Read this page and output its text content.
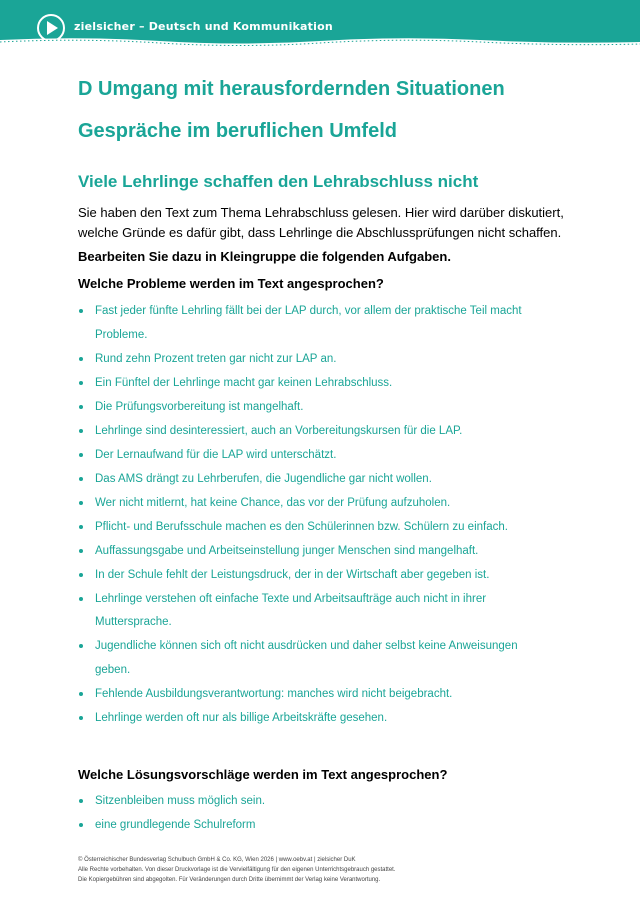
zielsicher – Deutsch und Kommunikation
D Umgang mit herausfordernden Situationen
Gespräche im beruflichen Umfeld
Viele Lehrlinge schaffen den Lehrabschluss nicht

Sie haben den Text zum Thema Lehrabschluss gelesen. Hier wird darüber diskutiert, welche Gründe es dafür gibt, dass Lehrlinge die Abschlussprüfungen nicht schaffen.

Bearbeiten Sie dazu in Kleingruppe die folgenden Aufgaben.

Welche Probleme werden im Text angesprochen?

Fast jeder fünfte Lehrling fällt bei der LAP durch, vor allem der praktische Teil macht Probleme.
Rund zehn Prozent treten gar nicht zur LAP an.
Ein Fünftel der Lehrlinge macht gar keinen Lehrabschluss.
Die Prüfungsvorbereitung ist mangelhaft.
Lehrlinge sind desinteressiert, auch an Vorbereitungskursen für die LAP.
Der Lernaufwand für die LAP wird unterschätzt.
Das AMS drängt zu Lehrberufen, die Jugendliche gar nicht wollen.
Wer nicht mitlernt, hat keine Chance, das vor der Prüfung aufzuholen.
Pflicht- und Berufsschule machen es den Schülerinnen bzw. Schülern zu einfach.
Auffassungsgabe und Arbeitseinstellung junger Menschen sind mangelhaft.
In der Schule fehlt der Leistungsdruck, der in der Wirtschaft aber gegeben ist.
Lehrlinge verstehen oft einfache Texte und Arbeitsaufträge auch nicht in ihrer Muttersprache.
Jugendliche können sich oft nicht ausdrücken und daher selbst keine Anweisungen geben.
Fehlende Ausbildungsverantwortung: manches wird nicht beigebracht.
Lehrlinge werden oft nur als billige Arbeitskräfte gesehen.

Welche Lösungsvorschläge werden im Text angesprochen?

Sitzenbleiben muss möglich sein.
eine grundlegende Schulreform
© Österreichischer Bundesverlag Schulbuch GmbH & Co. KG, Wien 2026 | www.oebv.at | zielsicher DuK
Alle Rechte vorbehalten. Von dieser Druckvorlage ist die Vervielfältigung für den eigenen Unterrichtsgebrauch gestattet.
Die Kopiergebühren sind abgegolten. Für Veränderungen durch Dritte übernimmt der Verlag keine Verantwortung.
